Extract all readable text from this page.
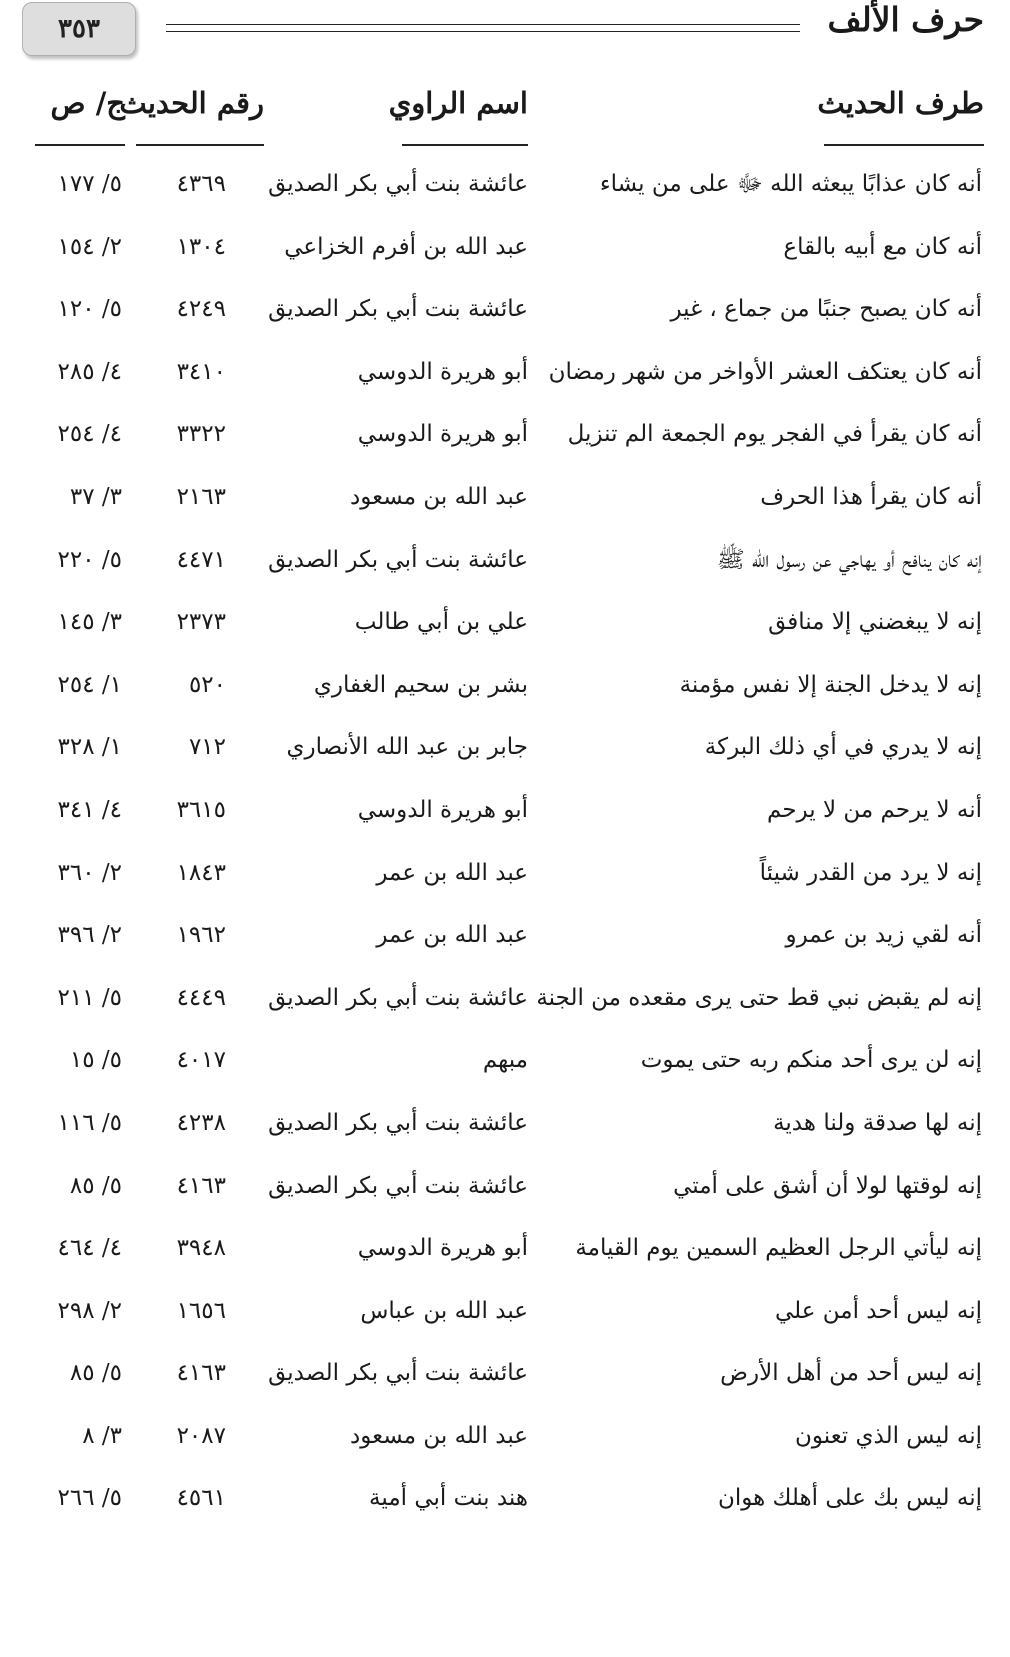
٣٥٣	حرف الألف
طرف الحديث
اسم الراوي
رقم الحديث
ج/ ص
أنه كان عذابًا يبعثه الله ﷻ على من يشاء
عائشة بنت أبي بكر الصديق
٤٣٦٩
٥/ ١٧٧
أنه كان مع أبيه بالقاع
عبد الله بن أفرم الخزاعي
١٣٠٤
٢/ ١٥٤
أنه كان يصبح جنبًا من جماع ، غير
عائشة بنت أبي بكر الصديق
٤٢٤٩
٥/ ١٢٠
أنه كان يعتكف العشر الأواخر من شهر رمضان
أبو هريرة الدوسي
٣٤١٠
٤/ ٢٨٥
أنه كان يقرأ في الفجر يوم الجمعة الم تنزيل
أبو هريرة الدوسي
٣٣٢٢
٤/ ٢٥٤
أنه كان يقرأ هذا الحرف
عبد الله بن مسعود
٢١٦٣
٣/ ٣٧
إنه كان ينافح أو يهاجي عن رسول الله ﷺ
عائشة بنت أبي بكر الصديق
٤٤٧١
٥/ ٢٢٠
إنه لا يبغضني إلا منافق
علي بن أبي طالب
٢٣٧٣
٣/ ١٤٥
إنه لا يدخل الجنة إلا نفس مؤمنة
بشر بن سحيم الغفاري
٥٢٠
١/ ٢٥٤
إنه لا يدري في أي ذلك البركة
جابر بن عبد الله الأنصاري
٧١٢
١/ ٣٢٨
أنه لا يرحم من لا يرحم
أبو هريرة الدوسي
٣٦١٥
٤/ ٣٤١
إنه لا يرد من القدر شيئاً
عبد الله بن عمر
١٨٤٣
٢/ ٣٦٠
أنه لقي زيد بن عمرو
عبد الله بن عمر
١٩٦٢
٢/ ٣٩٦
إنه لم يقبض نبي قط حتى يرى مقعده من الجنة
عائشة بنت أبي بكر الصديق
٤٤٤٩
٥/ ٢١١
إنه لن يرى أحد منكم ربه حتى يموت
مبهم
٤٠١٧
٥/ ١٥
إنه لها صدقة ولنا هدية
عائشة بنت أبي بكر الصديق
٤٢٣٨
٥/ ١١٦
إنه لوقتها لولا أن أشق على أمتي
عائشة بنت أبي بكر الصديق
٤١٦٣
٥/ ٨٥
إنه ليأتي الرجل العظيم السمين يوم القيامة
أبو هريرة الدوسي
٣٩٤٨
٤/ ٤٦٤
إنه ليس أحد أمن علي
عبد الله بن عباس
١٦٥٦
٢/ ٢٩٨
إنه ليس أحد من أهل الأرض
عائشة بنت أبي بكر الصديق
٤١٦٣
٥/ ٨٥
إنه ليس الذي تعنون
عبد الله بن مسعود
٢٠٨٧
٣/ ٨
إنه ليس بك على أهلك هوان
هند بنت أبي أمية
٤٥٦١
٥/ ٢٦٦
